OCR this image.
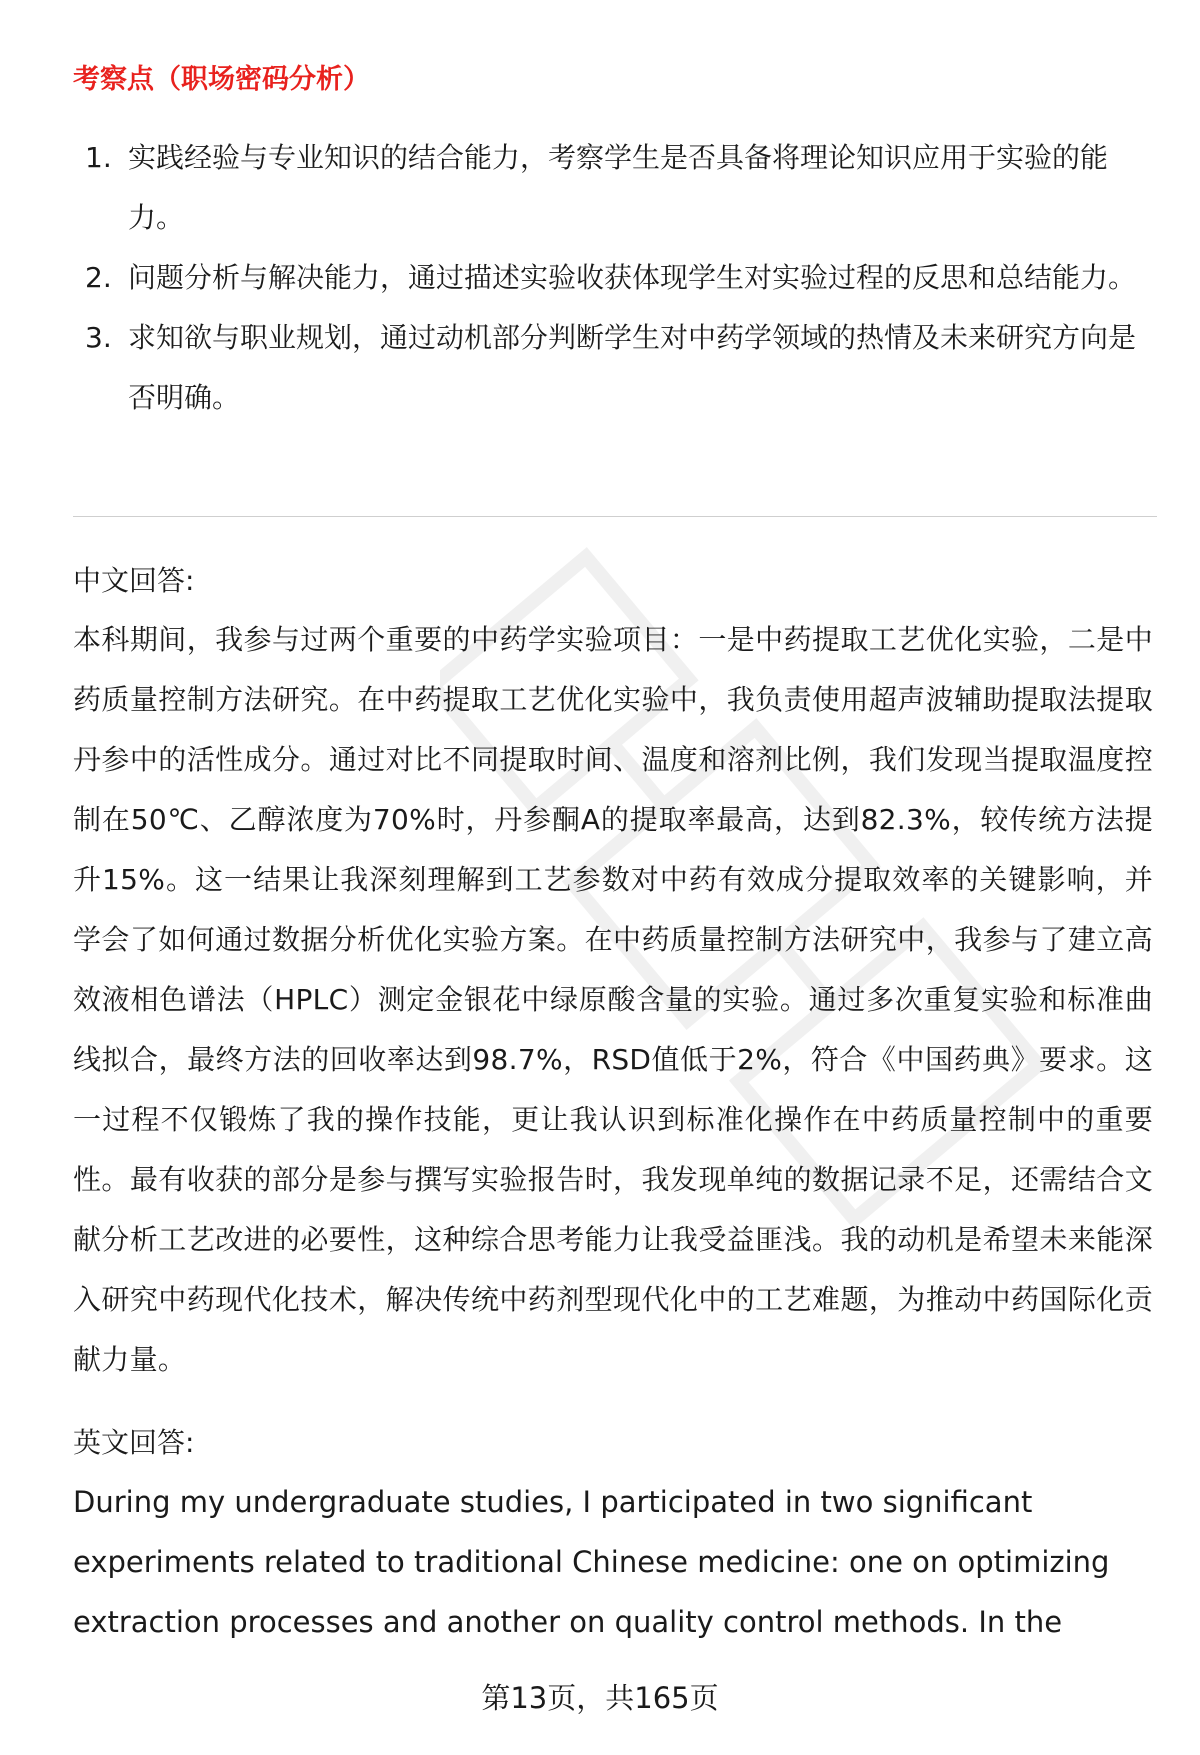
考察点（职场密码分析）
1. 实践经验与专业知识的结合能力，考察学生是否具备将理论知识应用于实验的能力。
2. 问题分析与解决能力，通过描述实验收获体现学生对实验过程的反思和总结能力。
3. 求知欲与职业规划，通过动机部分判断学生对中药学领域的热情及未来研究方向是否明确。
中文回答:

本科期间，我参与过两个重要的中药学实验项目：一是中药提取工艺优化实验，二是中药质量控制方法研究。在中药提取工艺优化实验中，我负责使用超声波辅助提取法提取丹参中的活性成分。通过对比不同提取时间、温度和溶剂比例，我们发现当提取温度控制在50℃、乙醇浓度为70%时，丹参酮A的提取率最高，达到82.3%，较传统方法提升15%。这一结果让我深刻理解到工艺参数对中药有效成分提取效率的关键影响，并学会了如何通过数据分析优化实验方案。在中药质量控制方法研究中，我参与了建立高效液相色谱法（HPLC）测定金银花中绿原酸含量的实验。通过多次重复实验和标准曲线拟合，最终方法的回收率达到98.7%，RSD值低于2%，符合《中国药典》要求。这一过程不仅锻炼了我的操作技能，更让我认识到标准化操作在中药质量控制中的重要性。最有收获的部分是参与撰写实验报告时，我发现单纯的数据记录不足，还需结合文献分析工艺改进的必要性，这种综合思考能力让我受益匪浅。我的动机是希望未来能深入研究中药现代化技术，解决传统中药剂型现代化中的工艺难题，为推动中药国际化贡献力量。

英文回答:

During my undergraduate studies, I participated in two significant experiments related to traditional Chinese medicine: one on optimizing extraction processes and another on quality control methods. In the

第13页，共165页
